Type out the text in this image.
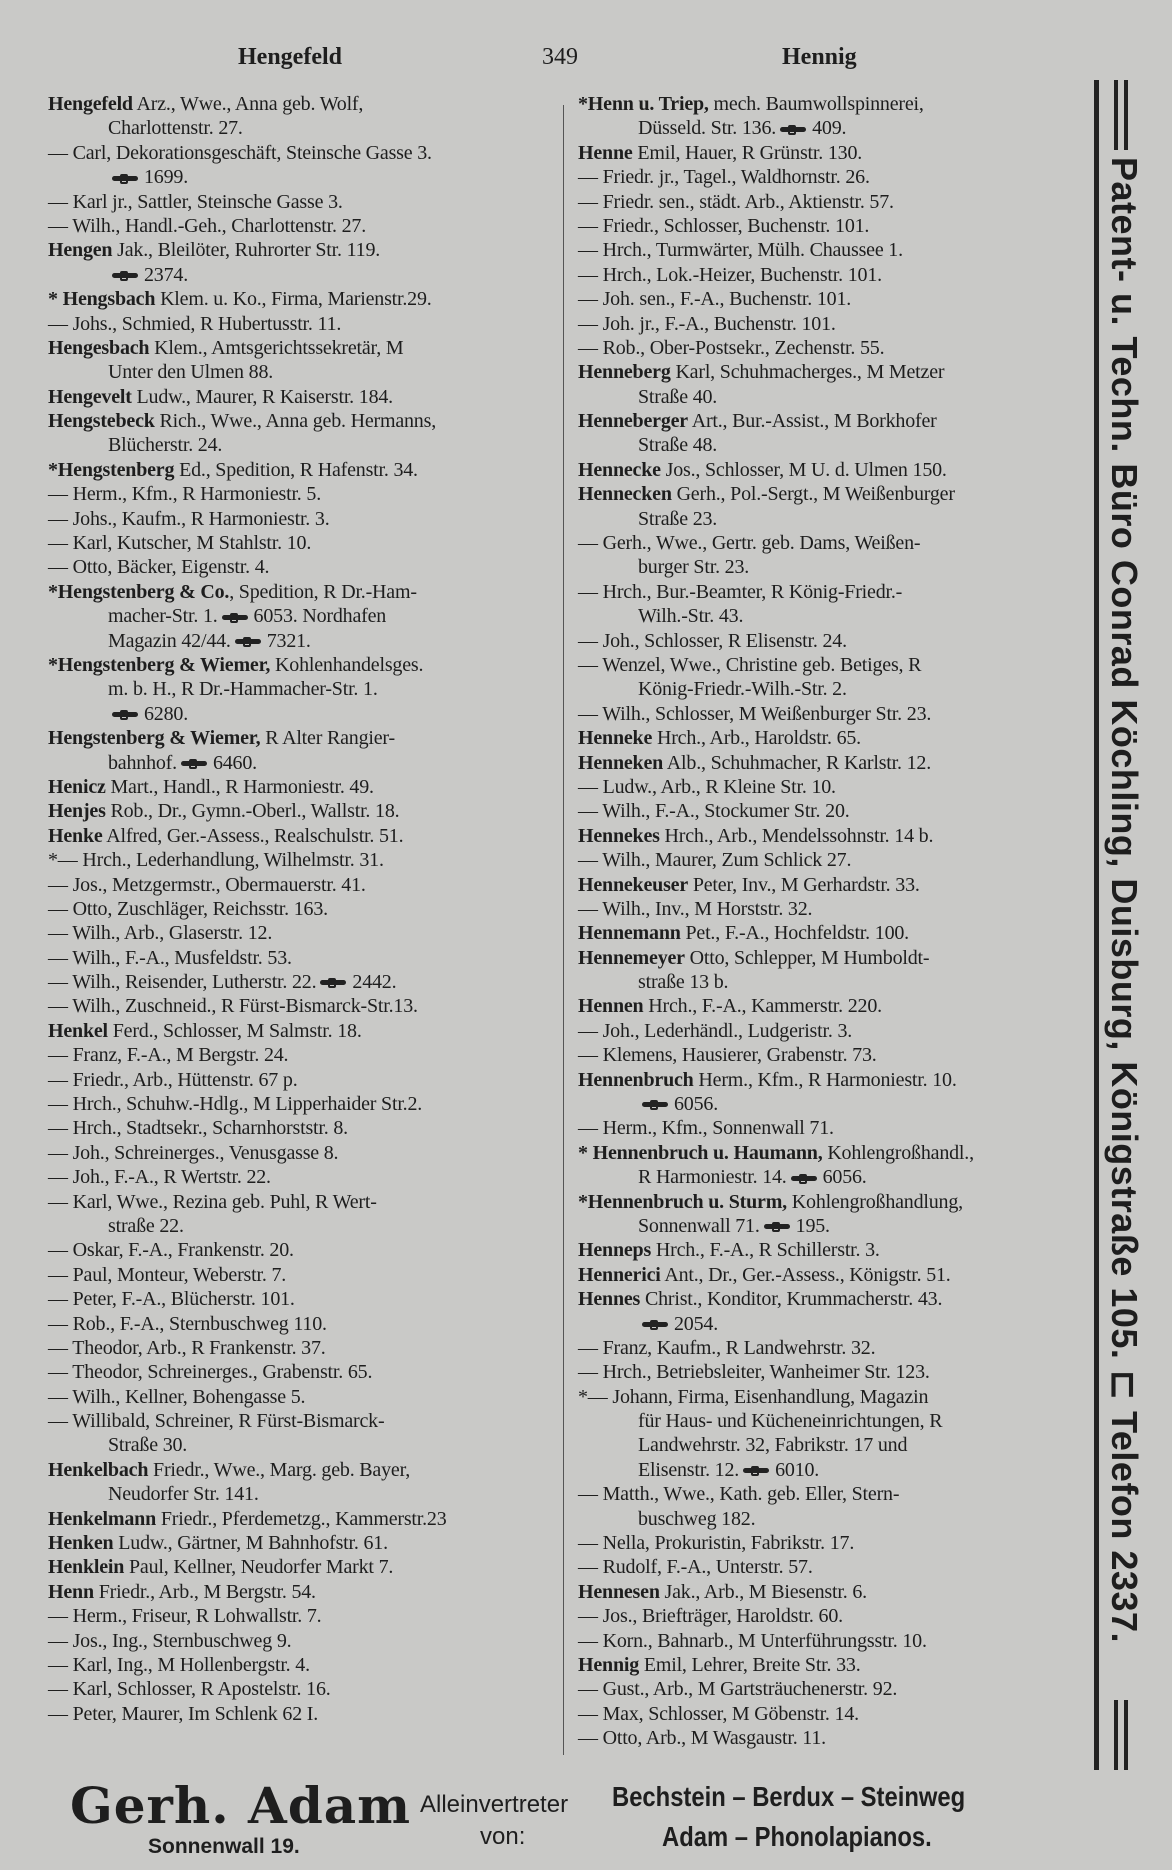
Hengefeld	349	Hennig
Hengefeld Arz., Wwe., Anna geb. Wolf,
Charlottenstr. 27.
— Carl, Dekorationsgeschäft, Steinsche Gasse 3.
1699.
— Karl jr., Sattler, Steinsche Gasse 3.
— Wilh., Handl.-Geh., Charlottenstr. 27.
Hengen Jak., Bleilöter, Ruhrorter Str. 119.
2374.
* Hengsbach Klem. u. Ko., Firma, Marienstr.29.
— Johs., Schmied, R Hubertusstr. 11.
Hengesbach Klem., Amtsgerichtssekretär, M
Unter den Ulmen 88.
Hengevelt Ludw., Maurer, R Kaiserstr. 184.
Hengstebeck Rich., Wwe., Anna geb. Hermanns,
Blücherstr. 24.
*Hengstenberg Ed., Spedition, R Hafenstr. 34.
— Herm., Kfm., R Harmoniestr. 5.
— Johs., Kaufm., R Harmoniestr. 3.
— Karl, Kutscher, M Stahlstr. 10.
— Otto, Bäcker, Eigenstr. 4.
*Hengstenberg & Co., Spedition, R Dr.-Ham-
macher-Str. 1. 6053. Nordhafen
Magazin 42/44. 7321.
*Hengstenberg & Wiemer, Kohlenhandelsges.
m. b. H., R Dr.-Hammacher-Str. 1.
6280.
Hengstenberg & Wiemer, R Alter Rangier-
bahnhof. 6460.
Henicz Mart., Handl., R Harmoniestr. 49.
Henjes Rob., Dr., Gymn.-Oberl., Wallstr. 18.
Henke Alfred, Ger.-Assess., Realschulstr. 51.
*— Hrch., Lederhandlung, Wilhelmstr. 31.
— Jos., Metzgermstr., Obermauerstr. 41.
— Otto, Zuschläger, Reichsstr. 163.
— Wilh., Arb., Glaserstr. 12.
— Wilh., F.-A., Musfeldstr. 53.
— Wilh., Reisender, Lutherstr. 22. 2442.
— Wilh., Zuschneid., R Fürst-Bismarck-Str.13.
Henkel Ferd., Schlosser, M Salmstr. 18.
— Franz, F.-A., M Bergstr. 24.
— Friedr., Arb., Hüttenstr. 67 p.
— Hrch., Schuhw.-Hdlg., M Lipperhaider Str.2.
— Hrch., Stadtsekr., Scharnhorststr. 8.
— Joh., Schreinerges., Venusgasse 8.
— Joh., F.-A., R Wertstr. 22.
— Karl, Wwe., Rezina geb. Puhl, R Wert-
straße 22.
— Oskar, F.-A., Frankenstr. 20.
— Paul, Monteur, Weberstr. 7.
— Peter, F.-A., Blücherstr. 101.
— Rob., F.-A., Sternbuschweg 110.
— Theodor, Arb., R Frankenstr. 37.
— Theodor, Schreinerges., Grabenstr. 65.
— Wilh., Kellner, Bohengasse 5.
— Willibald, Schreiner, R Fürst-Bismarck-
Straße 30.
Henkelbach Friedr., Wwe., Marg. geb. Bayer,
Neudorfer Str. 141.
Henkelmann Friedr., Pferdemetzg., Kammerstr.23
Henken Ludw., Gärtner, M Bahnhofstr. 61.
Henklein Paul, Kellner, Neudorfer Markt 7.
Henn Friedr., Arb., M Bergstr. 54.
— Herm., Friseur, R Lohwallstr. 7.
— Jos., Ing., Sternbuschweg 9.
— Karl, Ing., M Hollenbergstr. 4.
— Karl, Schlosser, R Apostelstr. 16.
— Peter, Maurer, Im Schlenk 62 I.
*Henn u. Triep, mech. Baumwollspinnerei,
Düsseld. Str. 136. 409.
Henne Emil, Hauer, R Grünstr. 130.
— Friedr. jr., Tagel., Waldhornstr. 26.
— Friedr. sen., städt. Arb., Aktienstr. 57.
— Friedr., Schlosser, Buchenstr. 101.
— Hrch., Turmwärter, Mülh. Chaussee 1.
— Hrch., Lok.-Heizer, Buchenstr. 101.
— Joh. sen., F.-A., Buchenstr. 101.
— Joh. jr., F.-A., Buchenstr. 101.
— Rob., Ober-Postsekr., Zechenstr. 55.
Henneberg Karl, Schuhmacherges., M Metzer
Straße 40.
Henneberger Art., Bur.-Assist., M Borkhofer
Straße 48.
Hennecke Jos., Schlosser, M U. d. Ulmen 150.
Hennecken Gerh., Pol.-Sergt., M Weißenburger
Straße 23.
— Gerh., Wwe., Gertr. geb. Dams, Weißen-
burger Str. 23.
— Hrch., Bur.-Beamter, R König-Friedr.-
Wilh.-Str. 43.
— Joh., Schlosser, R Elisenstr. 24.
— Wenzel, Wwe., Christine geb. Betiges, R
König-Friedr.-Wilh.-Str. 2.
— Wilh., Schlosser, M Weißenburger Str. 23.
Henneke Hrch., Arb., Haroldstr. 65.
Henneken Alb., Schuhmacher, R Karlstr. 12.
— Ludw., Arb., R Kleine Str. 10.
— Wilh., F.-A., Stockumer Str. 20.
Hennekes Hrch., Arb., Mendelssohnstr. 14 b.
— Wilh., Maurer, Zum Schlick 27.
Hennekeuser Peter, Inv., M Gerhardstr. 33.
— Wilh., Inv., M Horststr. 32.
Hennemann Pet., F.-A., Hochfeldstr. 100.
Hennemeyer Otto, Schlepper, M Humboldt-
straße 13 b.
Hennen Hrch., F.-A., Kammerstr. 220.
— Joh., Lederhändl., Ludgeristr. 3.
— Klemens, Hausierer, Grabenstr. 73.
Hennenbruch Herm., Kfm., R Harmoniestr. 10.
6056.
— Herm., Kfm., Sonnenwall 71.
* Hennenbruch u. Haumann, Kohlengroßhandl.,
R Harmoniestr. 14. 6056.
*Hennenbruch u. Sturm, Kohlengroßhandlung,
Sonnenwall 71. 195.
Henneps Hrch., F.-A., R Schillerstr. 3.
Hennerici Ant., Dr., Ger.-Assess., Königstr. 51.
Hennes Christ., Konditor, Krummacherstr. 43.
2054.
— Franz, Kaufm., R Landwehrstr. 32.
— Hrch., Betriebsleiter, Wanheimer Str. 123.
*— Johann, Firma, Eisenhandlung, Magazin
für Haus- und Kücheneinrichtungen, R
Landwehrstr. 32, Fabrikstr. 17 und
Elisenstr. 12. 6010.
— Matth., Wwe., Kath. geb. Eller, Stern-
buschweg 182.
— Nella, Prokuristin, Fabrikstr. 17.
— Rudolf, F.-A., Unterstr. 57.
Hennesen Jak., Arb., M Biesenstr. 6.
— Jos., Briefträger, Haroldstr. 60.
— Korn., Bahnarb., M Unterführungsstr. 10.
Hennig Emil, Lehrer, Breite Str. 33.
— Gust., Arb., M Gartsträuchenerstr. 92.
— Max, Schlosser, M Göbenstr. 14.
— Otto, Arb., M Wasgaustr. 11.
Patent- u. Techn. Büro Conrad Köchling, Duisburg, Königstraße 105. ⊏ Telefon 2337.
Gerh. Adam
Sonnenwall 19.
Alleinvertreter
von:
Bechstein – Berdux – Steinweg
Adam – Phonolapianos.
